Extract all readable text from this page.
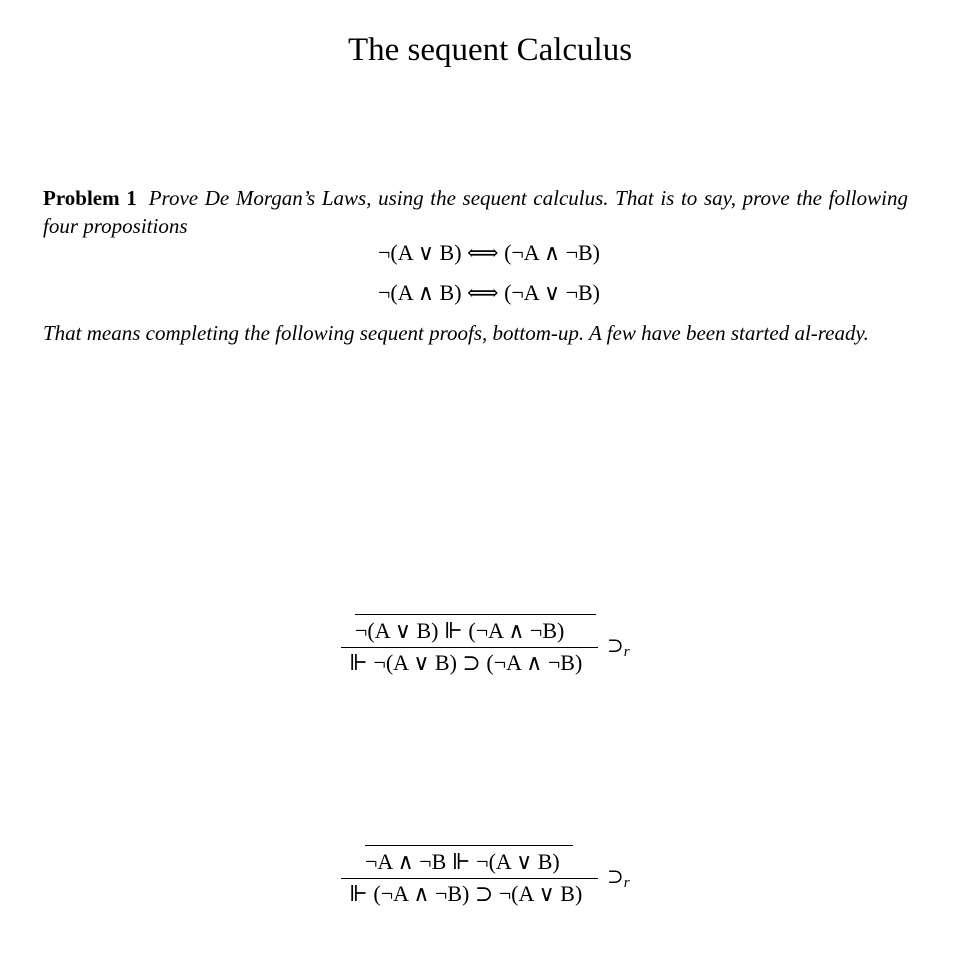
The sequent Calculus
Problem 1 Prove De Morgan’s Laws, using the sequent calculus. That is to say, prove the following four propositions
¬(A ∨ B) ⟺ (¬A ∧ ¬B)
¬(A ∧ B) ⟺ (¬A ∨ ¬B)
That means completing the following sequent proofs, bottom-up. A few have been started al-ready.
¬(A ∨ B) ⊩ (¬A ∧ ¬B)
⊩ ¬(A ∨ B) ⊃ (¬A ∧ ¬B)
$⊃_r$
¬A ∧ ¬B ⊩ ¬(A ∨ B)
⊩ (¬A ∧ ¬B) ⊃ ¬(A ∨ B)
$⊃_r$
